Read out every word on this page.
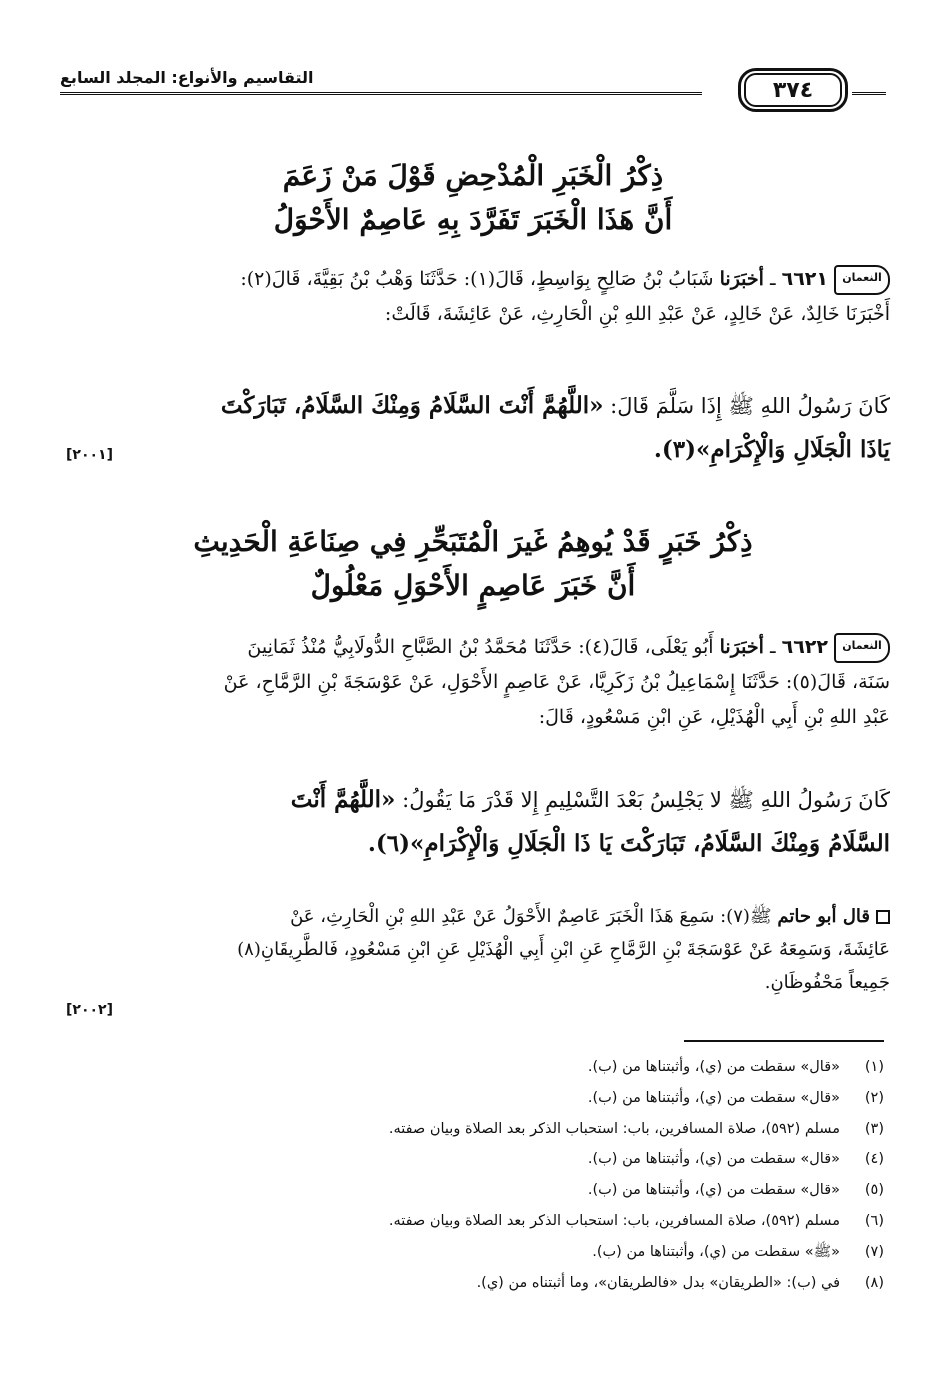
٣٧٤
التقاسيم والأنواع: المجلد السابع
ذِكْرُ الْخَبَرِ الْمُدْحِضِ قَوْلَ مَنْ زَعَمَ
أَنَّ هَذَا الْخَبَرَ تَفَرَّدَ بِهِ عَاصِمٌ الأَحْوَلُ
النعمان٦٦٢١ ـ أخبَرَنا شَبَابُ بْنُ صَالِحٍ بِوَاسِطٍ، قَالَ(١): حَدَّثَنَا وَهْبُ بْنُ بَقِيَّةَ، قَالَ(٢):
أَخْبَرَنَا خَالِدٌ، عَنْ خَالِدٍ، عَنْ عَبْدِ اللهِ بْنِ الْحَارِثِ، عَنْ عَائِشَةَ، قَالَتْ:
كَانَ رَسُولُ اللهِ ﷺ إِذَا سَلَّمَ قَالَ: «اللَّهُمَّ أَنْتَ السَّلَامُ وَمِنْكَ السَّلَامُ، تَبَارَكْتَ
يَاذَا الْجَلَالِ وَالْإِكْرَامِ»(٣).
[٢٠٠١]
ذِكْرُ خَبَرٍ قَدْ يُوهِمُ غَيرَ الْمُتَبَحِّرِ فِي صِنَاعَةِ الْحَدِيثِ
أَنَّ خَبَرَ عَاصِمٍ الأَحْوَلِ مَعْلُولٌ
النعمان٦٦٢٢ ـ أخبَرَنا أَبُو يَعْلَى، قَالَ(٤): حَدَّثَنَا مُحَمَّدُ بْنُ الصَّبَّاحِ الدُّولَابِيُّ مُنْذُ ثَمَانِينَ
سَنَة، قَالَ(٥): حَدَّثَنَا إِسْمَاعِيلُ بْنُ زَكَرِيَّا، عَنْ عَاصِمٍ الأَحْوَلِ، عَنْ عَوْسَجَةَ بْنِ الرَّمَّاحِ، عَنْ
عَبْدِ اللهِ بْنِ أَبِي الْهُذَيْلِ، عَنِ ابْنِ مَسْعُودٍ، قَالَ:
كَانَ رَسُولُ اللهِ ﷺ لا يَجْلِسُ بَعْدَ التَّسْلِيمِ إِلا قَدْرَ مَا يَقُولُ: «اللَّهُمَّ أَنْتَ
السَّلَامُ وَمِنْكَ السَّلَامُ، تَبَارَكْتَ يَا ذَا الْجَلَالِ وَالْإِكْرَامِ»(٦).
قال أبو حاتم ﷺ(٧): سَمِعَ هَذَا الْخَبَرَ عَاصِمٌ الأَحْوَلُ عَنْ عَبْدِ اللهِ بْنِ الْحَارِثِ، عَنْ
عَائِشَةَ، وَسَمِعَهُ عَنْ عَوْسَجَةَ بْنِ الرَّمَّاحِ عَنِ ابْنِ أَبِي الْهُذَيْلِ عَنِ ابْنِ مَسْعُودٍ، فَالطَّرِيقَانِ(٨)
جَمِيعاً مَحْفُوظَانِ.
[٢٠٠٢]
(١)«قال» سقطت من (ي)، وأثبتناها من (ب).
(٢)«قال» سقطت من (ي)، وأثبتناها من (ب).
(٣)مسلم (٥٩٢)، صلاة المسافرين، باب: استحباب الذكر بعد الصلاة وبيان صفته.
(٤)«قال» سقطت من (ي)، وأثبتناها من (ب).
(٥)«قال» سقطت من (ي)، وأثبتناها من (ب).
(٦)مسلم (٥٩٢)، صلاة المسافرين، باب: استحباب الذكر بعد الصلاة وبيان صفته.
(٧)«ﷺ» سقطت من (ي)، وأثبتناها من (ب).
(٨)في (ب): «الطريقان» بدل «فالطريقان»، وما أثبتناه من (ي).
